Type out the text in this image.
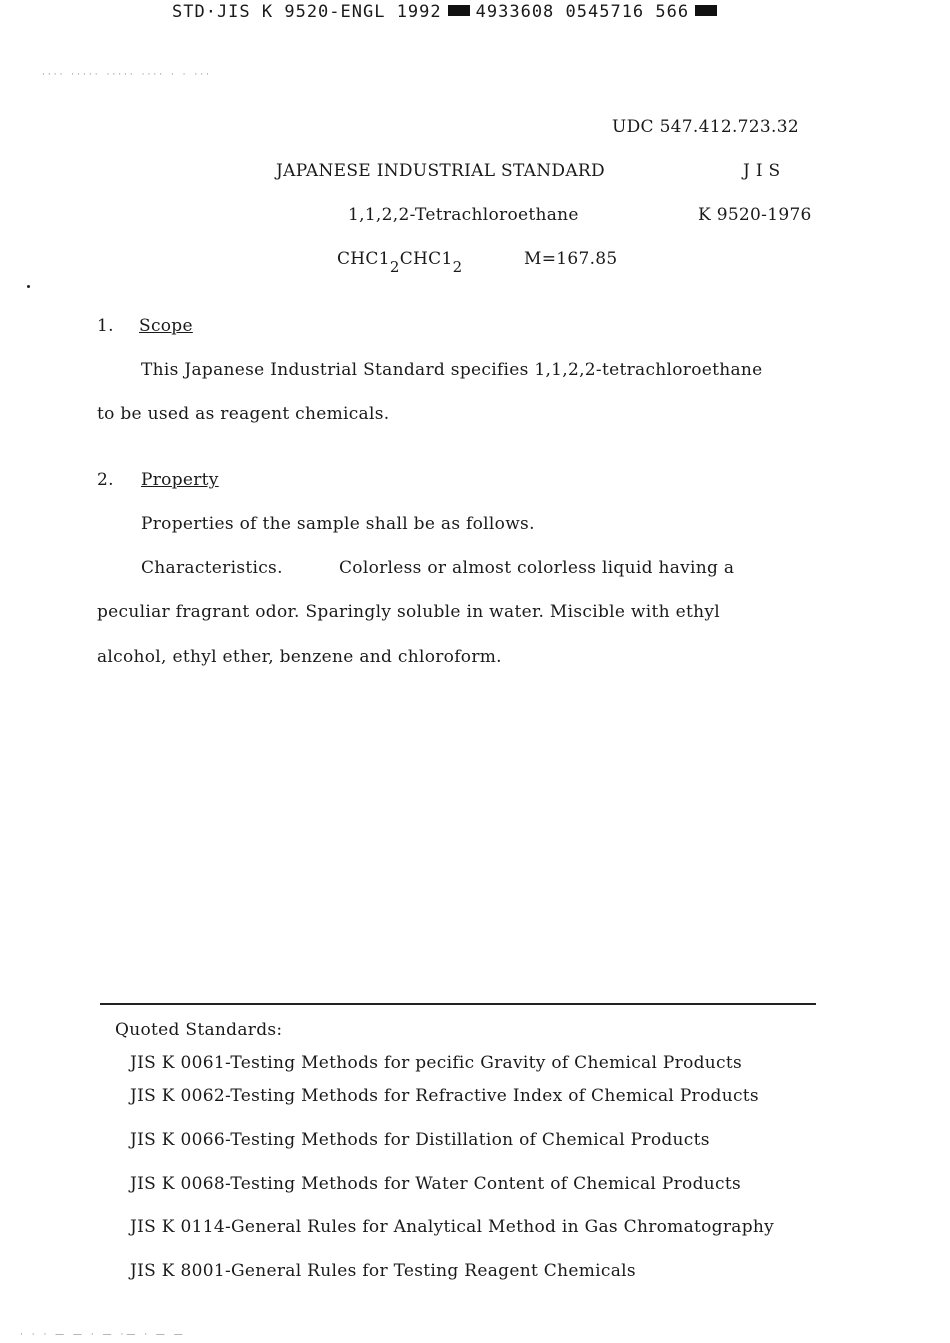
STD·JIS K 9520-ENGL 1992 4933608 0545716 566
···· ····· ····· ···· · · ···
UDC 547.412.723.32
JAPANESE INDUSTRIAL STANDARD	J I S
1,1,2,2-Tetrachloroethane	K 9520-1976
CHC12CHC12	M=167.85
1. Scope
This Japanese Industrial Standard specifies 1,1,2,2-tetrachloroethane
to be used as reagent chemicals.
2. Property
Properties of the sample shall be as follows.
Characteristics.	Colorless or almost colorless liquid having a
peculiar fragrant odor. Sparingly soluble in water. Miscible with ethyl
alcohol, ethyl ether, benzene and chloroform.
Quoted Standards:
JIS K 0061-Testing Methods for pecific Gravity of Chemical Products
JIS K 0062-Testing Methods for Refractive Index of Chemical Products
JIS K 0066-Testing Methods for Distillation of Chemical Products
JIS K 0068-Testing Methods for Water Content of Chemical Products
JIS K 0114-General Rules for Analytical Method in Gas Chromatography
JIS K 8001-General Rules for Testing Reagent Chemicals
· · · — — · — ·— · — —
